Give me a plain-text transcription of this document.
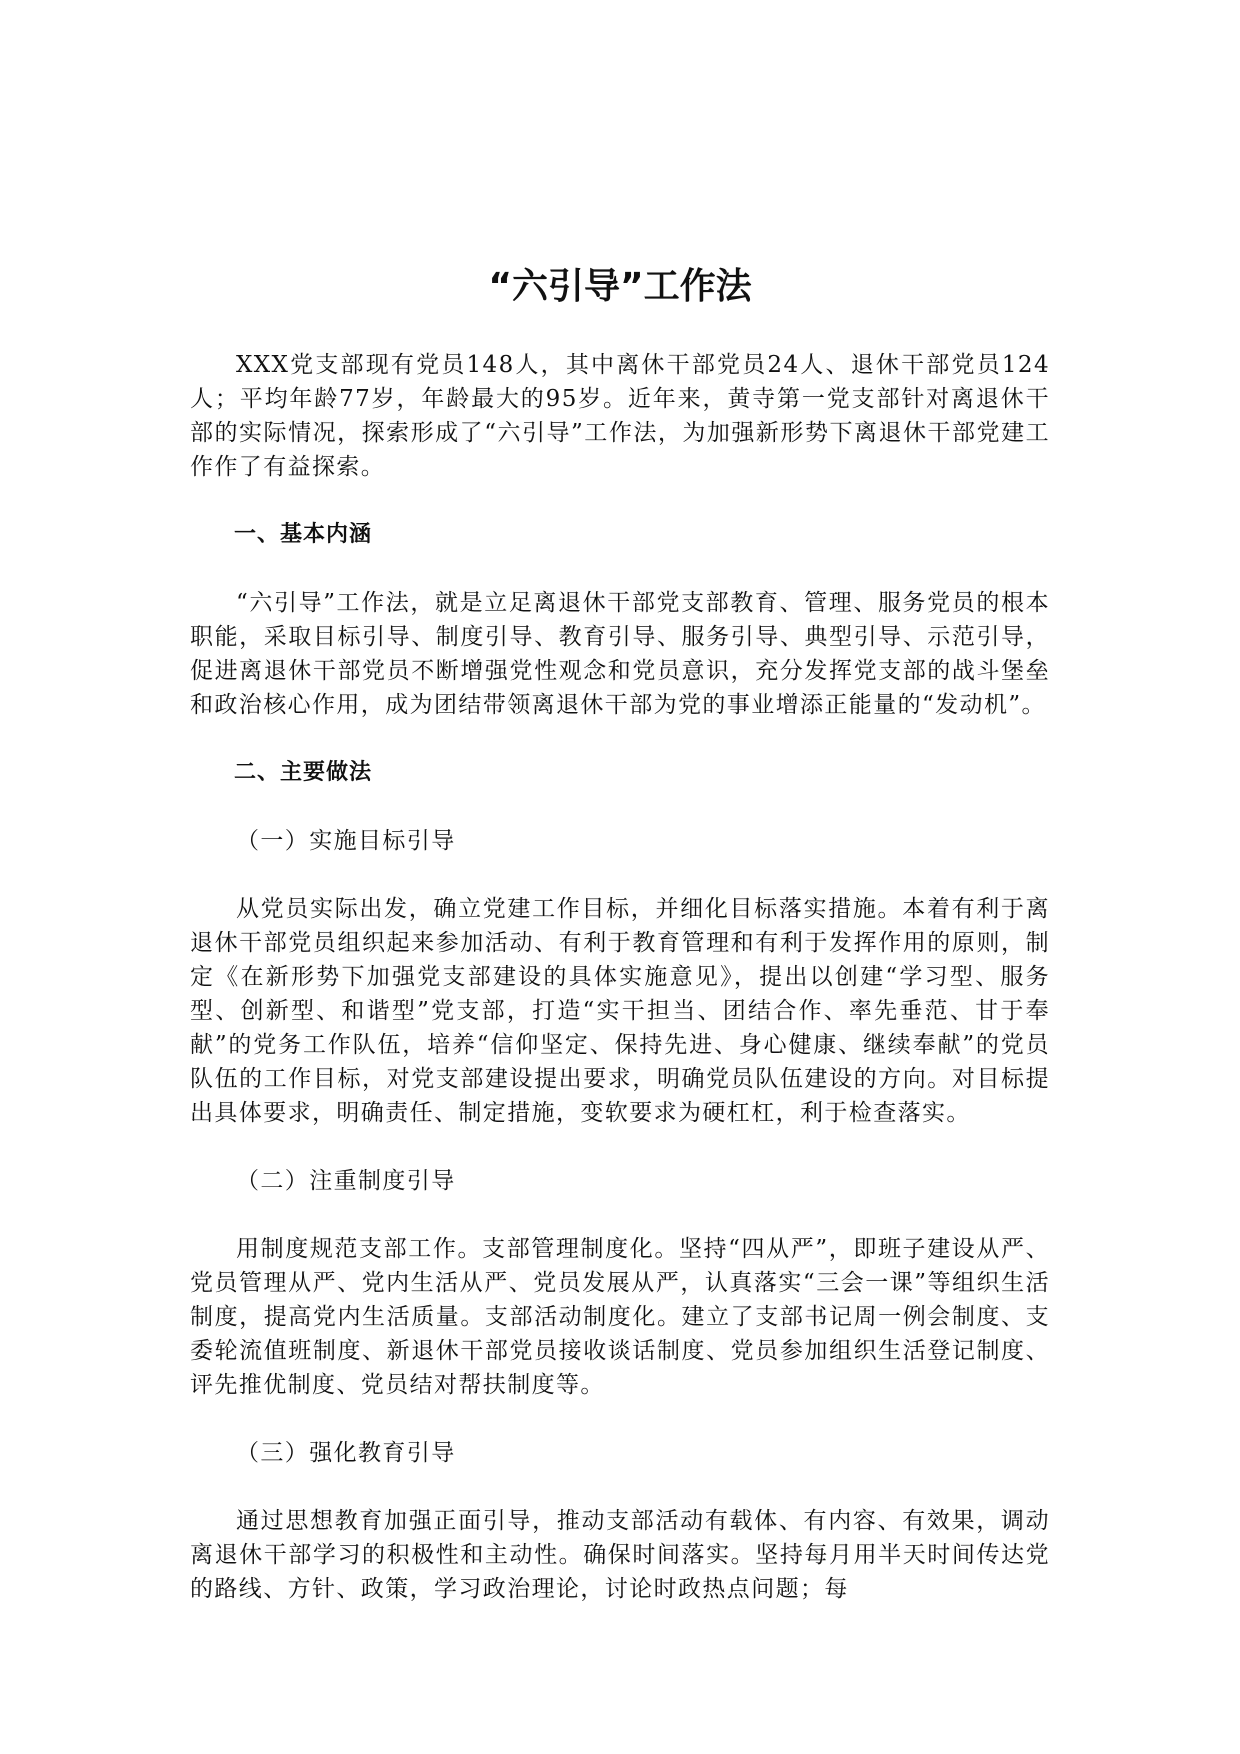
“六引导”工作法

XXX党支部现有党员148人，其中离休干部党员24人、退休干部党员124人；平均年龄77岁，年龄最大的95岁。近年来，黄寺第一党支部针对离退休干部的实际情况，探索形成了“六引导”工作法，为加强新形势下离退休干部党建工作作了有益探索。

一、基本内涵

“六引导”工作法，就是立足离退休干部党支部教育、管理、服务党员的根本职能，采取目标引导、制度引导、教育引导、服务引导、典型引导、示范引导，促进离退休干部党员不断增强党性观念和党员意识，充分发挥党支部的战斗堡垒和政治核心作用，成为团结带领离退休干部为党的事业增添正能量的“发动机”。

二、主要做法

（一）实施目标引导

从党员实际出发，确立党建工作目标，并细化目标落实措施。本着有利于离退休干部党员组织起来参加活动、有利于教育管理和有利于发挥作用的原则，制定《在新形势下加强党支部建设的具体实施意见》，提出以创建“学习型、服务型、创新型、和谐型”党支部，打造“实干担当、团结合作、率先垂范、甘于奉献”的党务工作队伍，培养“信仰坚定、保持先进、身心健康、继续奉献”的党员队伍的工作目标，对党支部建设提出要求，明确党员队伍建设的方向。对目标提出具体要求，明确责任、制定措施，变软要求为硬杠杠，利于检查落实。

（二）注重制度引导

用制度规范支部工作。支部管理制度化。坚持“四从严”，即班子建设从严、党员管理从严、党内生活从严、党员发展从严，认真落实“三会一课”等组织生活制度，提高党内生活质量。支部活动制度化。建立了支部书记周一例会制度、支委轮流值班制度、新退休干部党员接收谈话制度、党员参加组织生活登记制度、评先推优制度、党员结对帮扶制度等。

（三）强化教育引导

通过思想教育加强正面引导，推动支部活动有载体、有内容、有效果，调动离退休干部学习的积极性和主动性。确保时间落实。坚持每月用半天时间传达党的路线、方针、政策，学习政治理论，讨论时政热点问题；每
